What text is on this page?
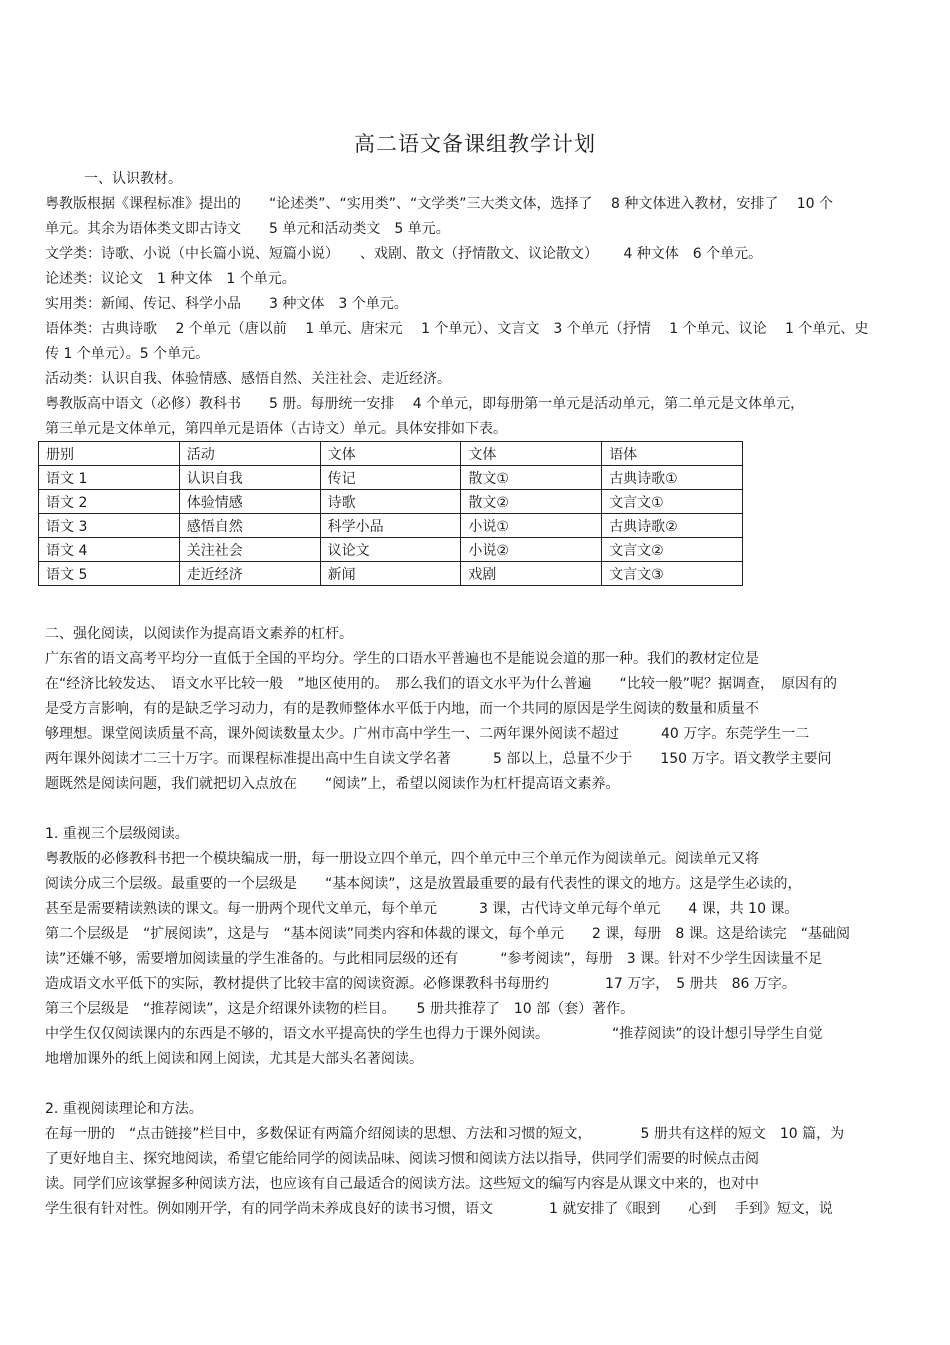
高二语文备课组教学计划
一、认识教材。
粤教版根据《课程标准》提出的　　“论述类”、“实用类”、“文学类”三大类文体，选择了　 8 种文体进入教材，安排了　 10 个
单元。其余为语体类文即古诗文　　5 单元和活动类文　5 单元。
文学类：诗歌、小说（中长篇小说、短篇小说）　　、戏剧、散文（抒情散文、议论散文）　　 4 种文体　6 个单元。
论述类：议论文　1 种文体　1 个单元。
实用类：新闻、传记、科学小品　　3 种文体　3 个单元。
语体类：古典诗歌　 2 个单元（唐以前　 1 单元、唐宋元　 1 个单元）、文言文　3 个单元（抒情　 1 个单元、议论　 1 个单元、史
传 1 个单元）。5 个单元。
活动类：认识自我、体验情感、感悟自然、关注社会、走近经济。
粤教版高中语文（必修）教科书　　5 册。每册统一安排　 4 个单元，即每册第一单元是活动单元，第二单元是文体单元，
第三单元是文体单元，第四单元是语体（古诗文）单元。具体安排如下表。
册别	活动	文体	文体	语体
语文 1	认识自我	传记	散文①	古典诗歌①
语文 2	体验情感	诗歌	散文②	文言文①
语文 3	感悟自然	科学小品	小说①	古典诗歌②
语文 4	关注社会	议论文	小说②	文言文②
语文 5	走近经济	新闻	戏剧	文言文③
二、强化阅读，以阅读作为提高语文素养的杠杆。
广东省的语文高考平均分一直低于全国的平均分。学生的口语水平普遍也不是能说会道的那一种。我们的教材定位是
在“经济比较发达、　语文水平比较一般　”地区使用的。　那么我们的语文水平为什么普遍　　“比较一般”呢？据调查，　原因有的
是受方言影响，有的是缺乏学习动力，有的是教师整体水平低于内地，而一个共同的原因是学生阅读的数量和质量不
够理想。课堂阅读质量不高，课外阅读数量太少。广州市高中学生一、二两年课外阅读不超过　　　40 万字。东莞学生一二
两年课外阅读才二三十万字。而课程标准提出高中生自读文学名著　　　5 部以上，总量不少于　　150 万字。语文教学主要问
题既然是阅读问题，我们就把切入点放在　　“阅读”上，希望以阅读作为杠杆提高语文素养。
1. 重视三个层级阅读。
粤教版的必修教科书把一个模块编成一册，每一册设立四个单元，四个单元中三个单元作为阅读单元。阅读单元又将
阅读分成三个层级。最重要的一个层级是　　“基本阅读”，这是放置最重要的最有代表性的课文的地方。这是学生必读的，
甚至是需要精读熟读的课文。每一册两个现代文单元，每个单元　　　3 课，古代诗文单元每个单元　　4 课，共 10 课。
第二个层级是　“扩展阅读”，这是与　“基本阅读”同类内容和体裁的课文，每个单元　　2 课，每册　8 课。这是给读完　“基础阅
读”还嫌不够，需要增加阅读量的学生准备的。与此相同层级的还有　　　“参考阅读”，每册　3 课。针对不少学生因读量不足
造成语文水平低下的实际，教材提供了比较丰富的阅读资源。必修课教科书每册约　　　　17 万字，　5 册共　86 万字。
第三个层级是　“推荐阅读”，这是介绍课外读物的栏目。　　5 册共推荐了　10 部（套）著作。
中学生仅仅阅读课内的东西是不够的，语文水平提高快的学生也得力于课外阅读。　　　　　“推荐阅读”的设计想引导学生自觉
地增加课外的纸上阅读和网上阅读，尤其是大部头名著阅读。
2. 重视阅读理论和方法。
在每一册的　“点击链接”栏目中，多数保证有两篇介绍阅读的思想、方法和习惯的短文，　　　　5 册共有这样的短文　10 篇，为
了更好地自主、探究地阅读，希望它能给同学的阅读品味、阅读习惯和阅读方法以指导，供同学们需要的时候点击阅
读。同学们应该掌握多种阅读方法，也应该有自己最适合的阅读方法。这些短文的编写内容是从课文中来的，也对中
学生很有针对性。例如刚开学，有的同学尚未养成良好的读书习惯，语文　　　　1 就安排了《眼到　　心到　 手到》短文，说
